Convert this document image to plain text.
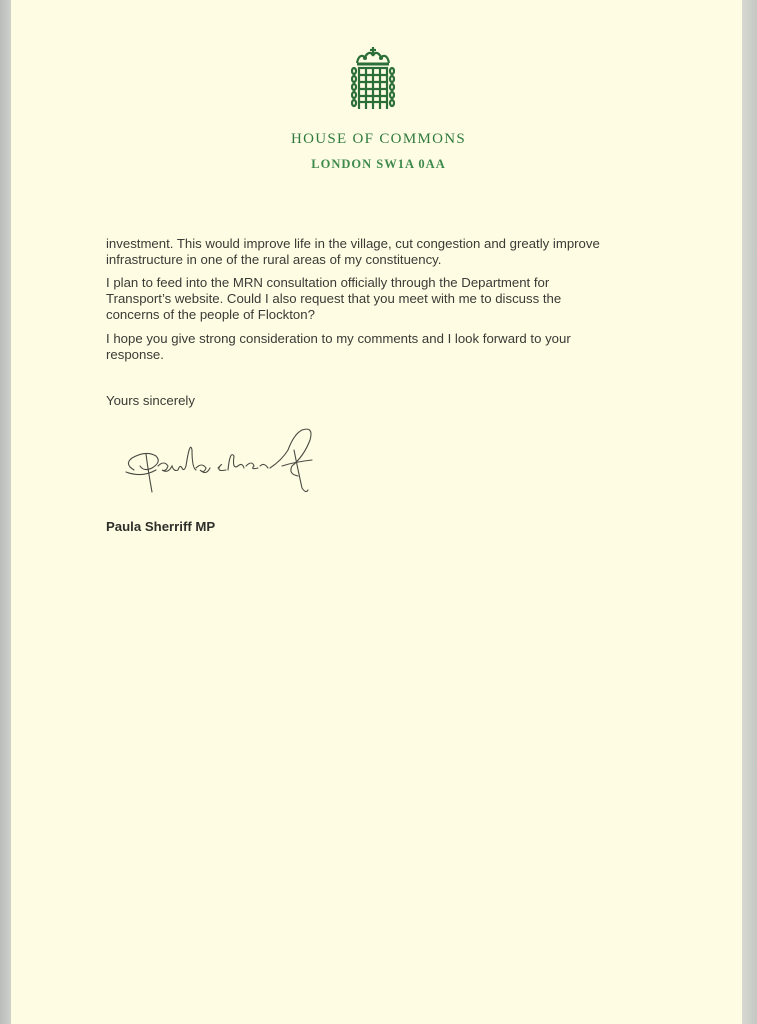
HOUSE OF COMMONS
LONDON SW1A 0AA

investment. This would improve life in the village, cut congestion and greatly improve

infrastructure in one of the rural areas of my constituency.

I plan to feed into the MRN consultation officially through the Department for

Transport’s website. Could I also request that you meet with me to discuss the

concerns of the people of Flockton?

I hope you give strong consideration to my comments and I look forward to your

response.

Yours sincerely
Paula Sherriff MP
